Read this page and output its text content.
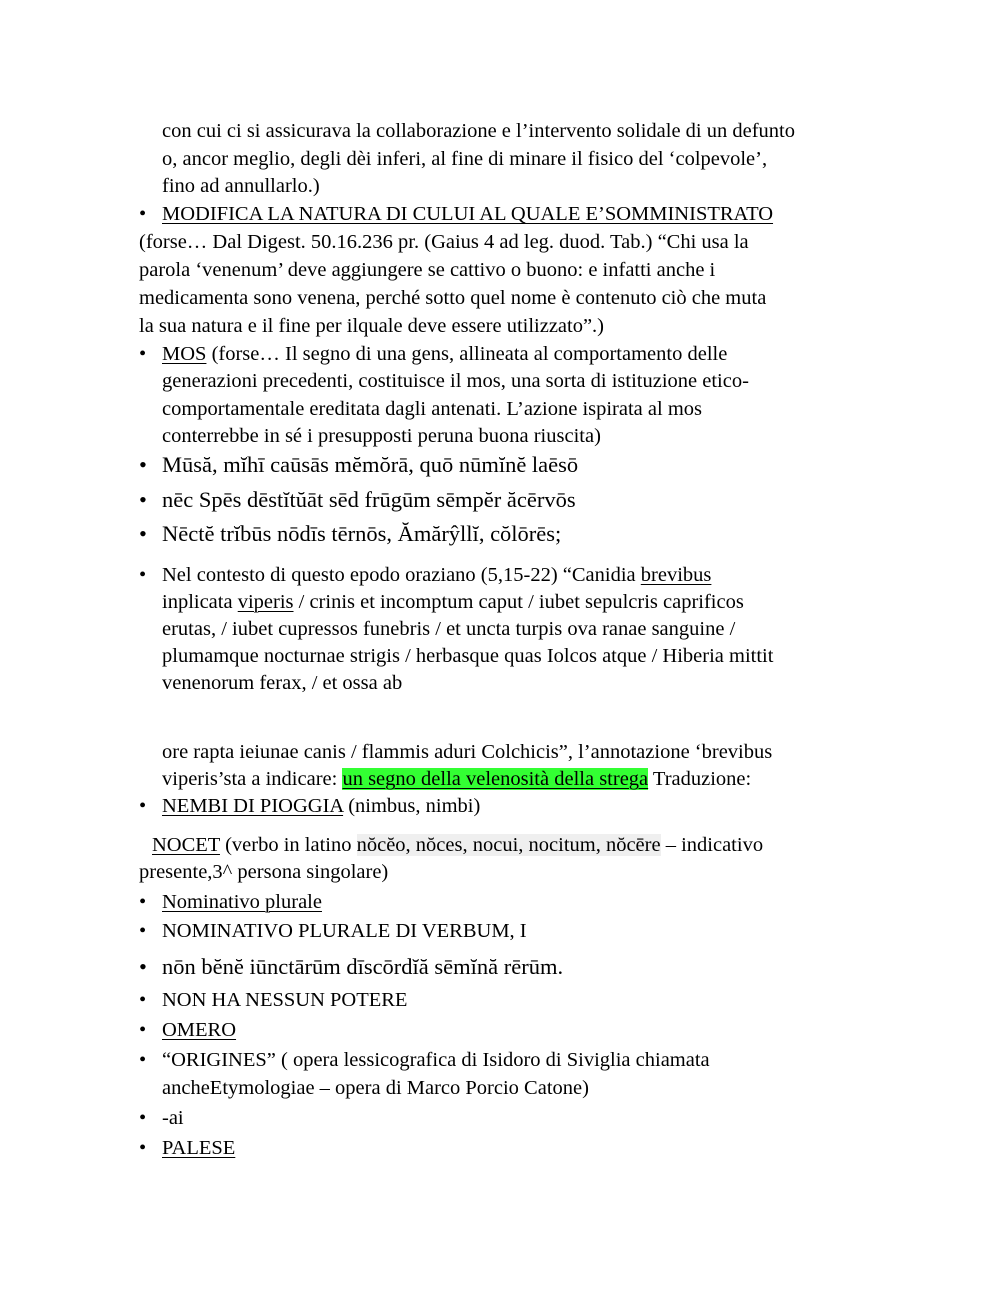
con cui ci si assicurava la collaborazione e l’intervento solidale di un defunto
o, ancor meglio, degli dèi inferi, al fine di minare il fisico del ‘colpevole’,
fino ad annullarlo.)
• MODIFICA LA NATURA DI CULUI AL QUALE E’SOMMINISTRATO
(forse… Dal Digest. 50.16.236 pr. (Gaius 4 ad leg. duod. Tab.) “Chi usa la
parola ‘venenum’ deve aggiungere se cattivo o buono: e infatti anche i
medicamenta sono venena, perché sotto quel nome è contenuto ciò che muta
la sua natura e il fine per ilquale deve essere utilizzato”.)
• MOS (forse… Il segno di una gens, allineata al comportamento delle
generazioni precedenti, costituisce il mos, una sorta di istituzione etico-
comportamentale ereditata dagli antenati. L’azione ispirata al mos
conterrebbe in sé i presupposti peruna buona riuscita)
• Mūsă, mĭhī caūsās mĕmŏrā, quō nūmĭnĕ laēsō
• nēc Spēs dēstĭtŭāt sēd frūgūm sēmpĕr ăcērvōs
• Nēctĕ trĭbūs nōdīs tērnōs, Ămărŷllĭ, cŏlōrēs;
• Nel contesto di questo epodo oraziano (5,15-22) “Canidia brevibus
inplicata viperis / crinis et incomptum caput / iubet sepulcris caprificos
erutas, / iubet cupressos funebris / et uncta turpis ova ranae sanguine /
plumamque nocturnae strigis / herbasque quas Iolcos atque / Hiberia mittit
venenorum ferax, / et ossa ab
ore rapta ieiunae canis / flammis aduri Colchicis”, l’annotazione ‘brevibus
viperis’sta a indicare: un segno della velenosità della strega Traduzione:
• NEMBI DI PIOGGIA (nimbus, nimbi)
NOCET (verbo in latino nŏcĕo, nŏces, nocui, nocitum, nŏcēre – indicativo
presente,3^ persona singolare)
• Nominativo plurale
• NOMINATIVO PLURALE DI VERBUM, I
• nōn bĕnĕ iūnctārūm dīscōrdĭă sēmĭnă rērūm.
• NON HA NESSUN POTERE
• OMERO
• “ORIGINES” ( opera lessicografica di Isidoro di Siviglia chiamata
ancheEtymologiae – opera di Marco Porcio Catone)
• -ai
• PALESE
